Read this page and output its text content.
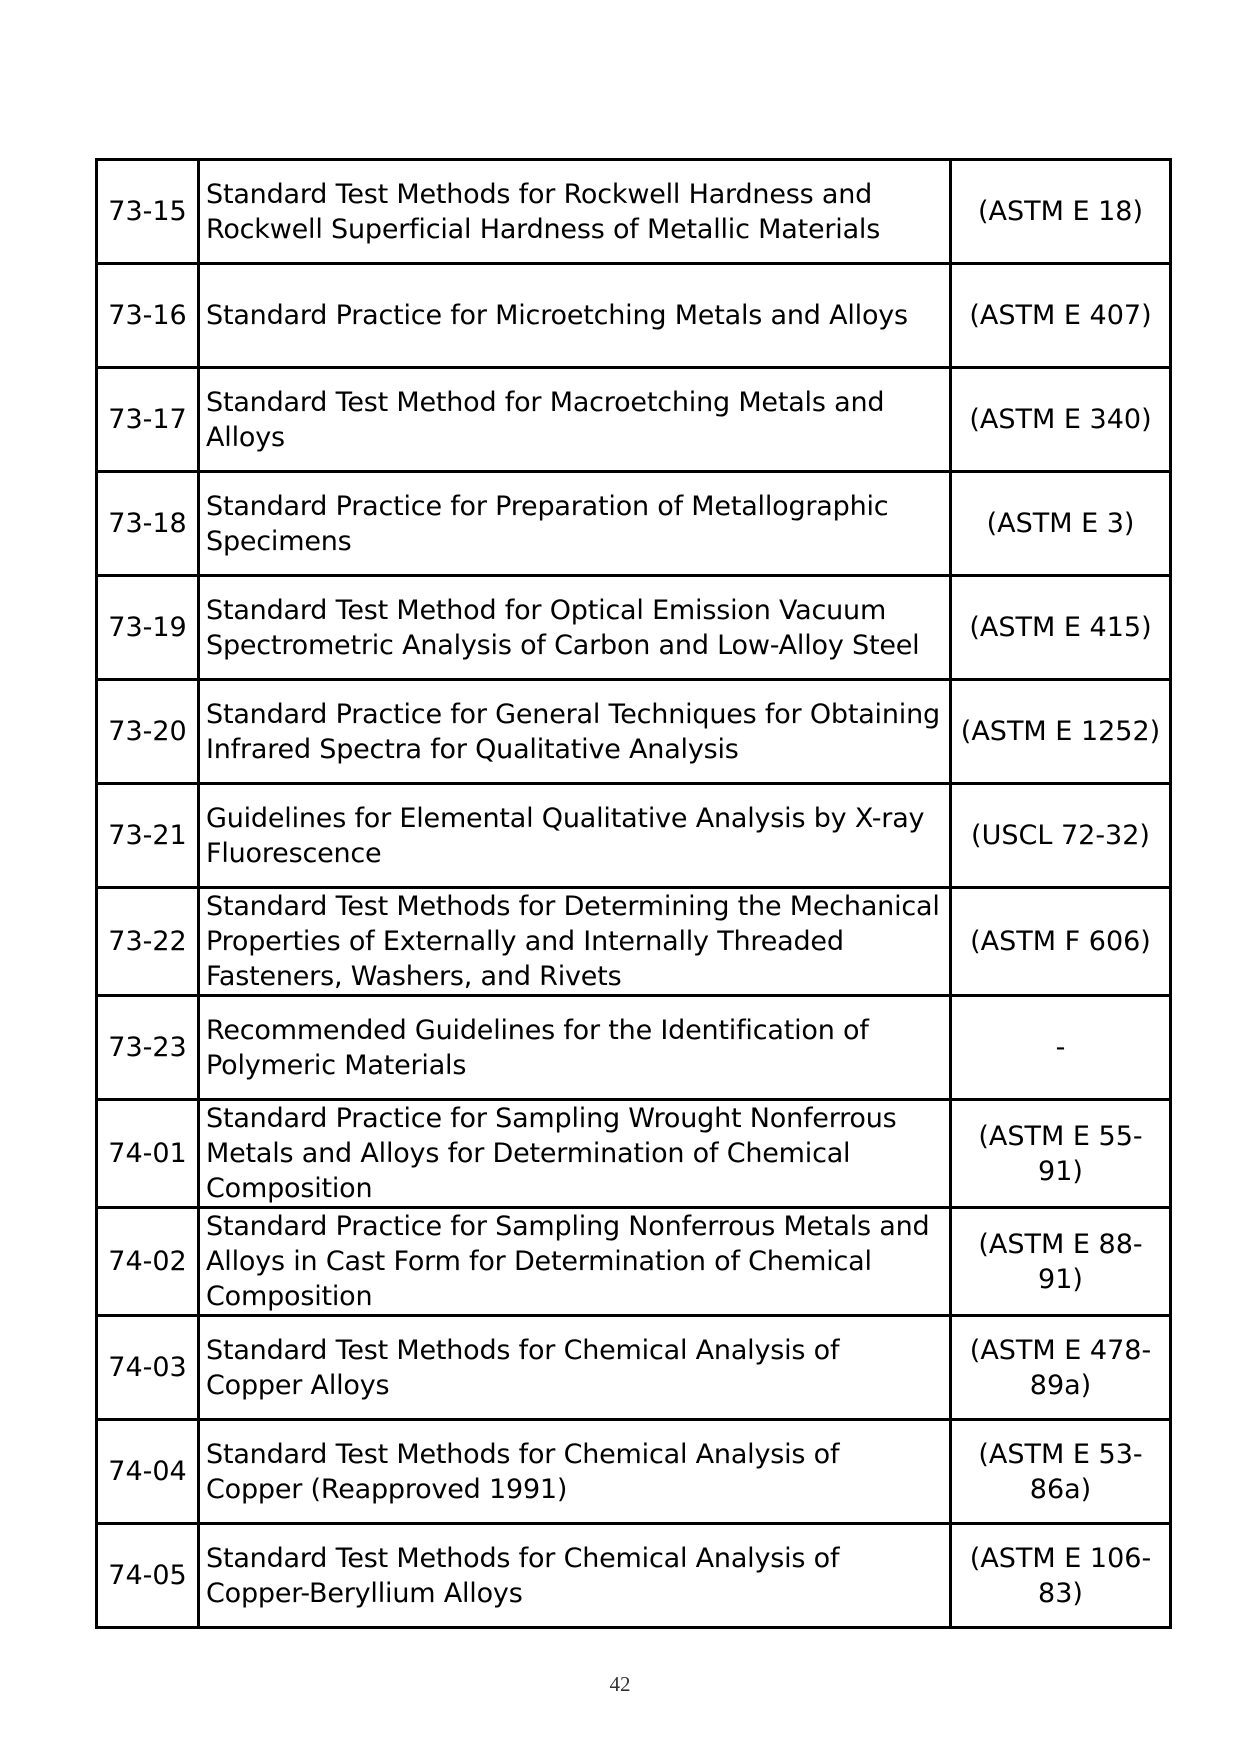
73-15	Standard Test Methods for Rockwell Hardness and Rockwell Superficial Hardness of Metallic Materials	(ASTM E 18)
73-16	Standard Practice for Microetching Metals and Alloys	(ASTM E 407)
73-17	Standard Test Method for Macroetching Metals and Alloys	(ASTM E 340)
73-18	Standard Practice for Preparation of Metallographic Specimens	(ASTM E 3)
73-19	Standard Test Method for Optical Emission Vacuum Spectrometric Analysis of Carbon and Low-Alloy Steel	(ASTM E 415)
73-20	Standard Practice for General Techniques for Obtaining Infrared Spectra for Qualitative Analysis	(ASTM E 1252)
73-21	Guidelines for Elemental Qualitative Analysis by X-ray Fluorescence	(USCL 72-32)
73-22	Standard Test Methods for Determining the Mechanical Properties of Externally and Internally Threaded Fasteners, Washers, and Rivets	(ASTM F 606)
73-23	Recommended Guidelines for the Identification of Polymeric Materials	-
74-01	Standard Practice for Sampling Wrought Nonferrous Metals and Alloys for Determination of Chemical Composition	(ASTM E 55-91)
74-02	Standard Practice for Sampling Nonferrous Metals and Alloys in Cast Form for Determination of Chemical Composition	(ASTM E 88-91)
74-03	Standard Test Methods for Chemical Analysis of Copper Alloys	(ASTM E 478-89a)
74-04	Standard Test Methods for Chemical Analysis of Copper (Reapproved 1991)	(ASTM E 53-86a)
74-05	Standard Test Methods for Chemical Analysis of Copper-Beryllium Alloys	(ASTM E 106-83)
42
